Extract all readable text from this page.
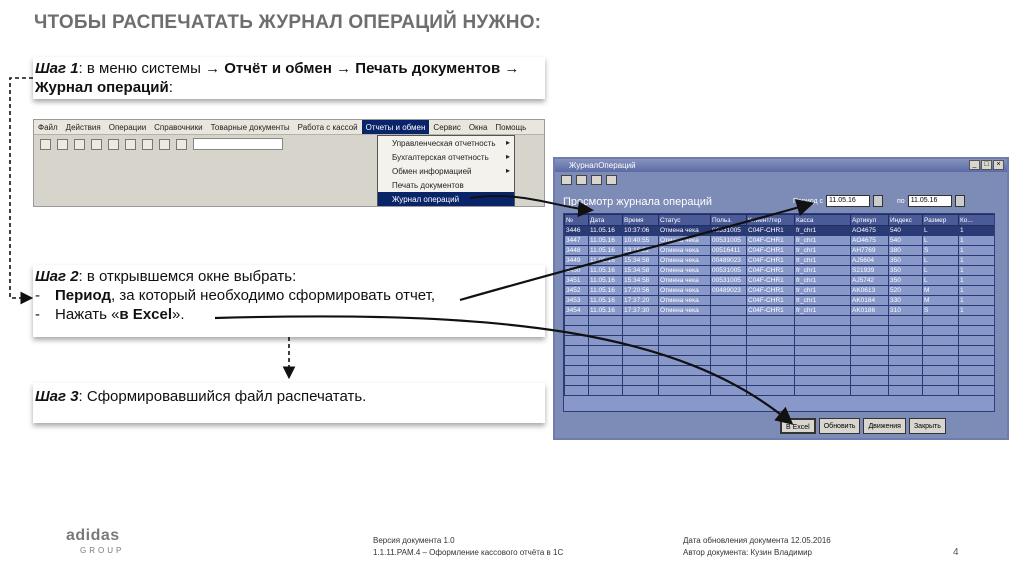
ЧТОБЫ РАСПЕЧАТАТЬ ЖУРНАЛ ОПЕРАЦИЙ НУЖНО:
Шаг 1: в меню системы → Отчёт и обмен → Печать документов → Журнал операций:
Файл	Действия	Операции	Справочники	Товарные документы	Работа с кассой	Отчеты и обмен	Сервис	Окна	Помощь
Управленческая отчетность ▸
Бухгалтерская отчетность ▸
Обмен информацией	▸
Печать документов
Журнал операций
Шаг 2: в открывшемся окне выбрать:
-	Период, за который необходимо сформировать отчет,
-	Нажать «в Excel».
Шаг 3: Сформировавшийся файл распечатать.
ЖурналОпераций	_	□	×
Просмотр журнала операций	Период с 11.05.16	по 11.05.16
№	Дата	Время	Статус	Польз.	Клиент/тер	Касса	Артикул	Индекс	Размер	Ко...
3446	11.05.16	10:37:06	Отмена чека	00531005	C04F-CHR1	fr_chr1	AO4675	540	L	1
3447	11.05.16	10:40:55	Отмена чека	00531005	C04F-CHR1	fr_chr1	AO4675	540	L	1
3448	11.05.16	13:16:22	Отмена чека	00516411	C04F-CHR1	fr_chr1	AH7769	380	S	1
3449	11.05.16	15:34:58	Отмена чека	00489023	C04F-CHR1	fr_chr1	AJ5604	350	L	1
3450	11.05.16	15:34:58	Отмена чека	00531005	C04F-CHR1	fr_chr1	S21939	350	L	1
3451	11.05.16	15:34:58	Отмена чека	00531005	C04F-CHR1	fr_chr1	AJ5742	350	L	1
3452	11.05.16	17:20:56	Отмена чека	00489023	C04F-CHR1	fr_chr1	AK0613	520	M	1
3453	11.05.16	17:37:20	Отмена чека		C04F-CHR1	fr_chr1	AK0184	330	M	1
3454	11.05.16	17:37:30	Отмена чека		C04F-CHR1	fr_chr1	AK0186	310	S	1

В Excel	Обновить	Движения	Закрыть
adidas
GROUP
Версия документа 1.0
1.1.11.PAM.4 – Оформление кассового отчёта в 1С
Дата обновления документа 12.05.2016
Автор документа: Кузин Владимир	4
